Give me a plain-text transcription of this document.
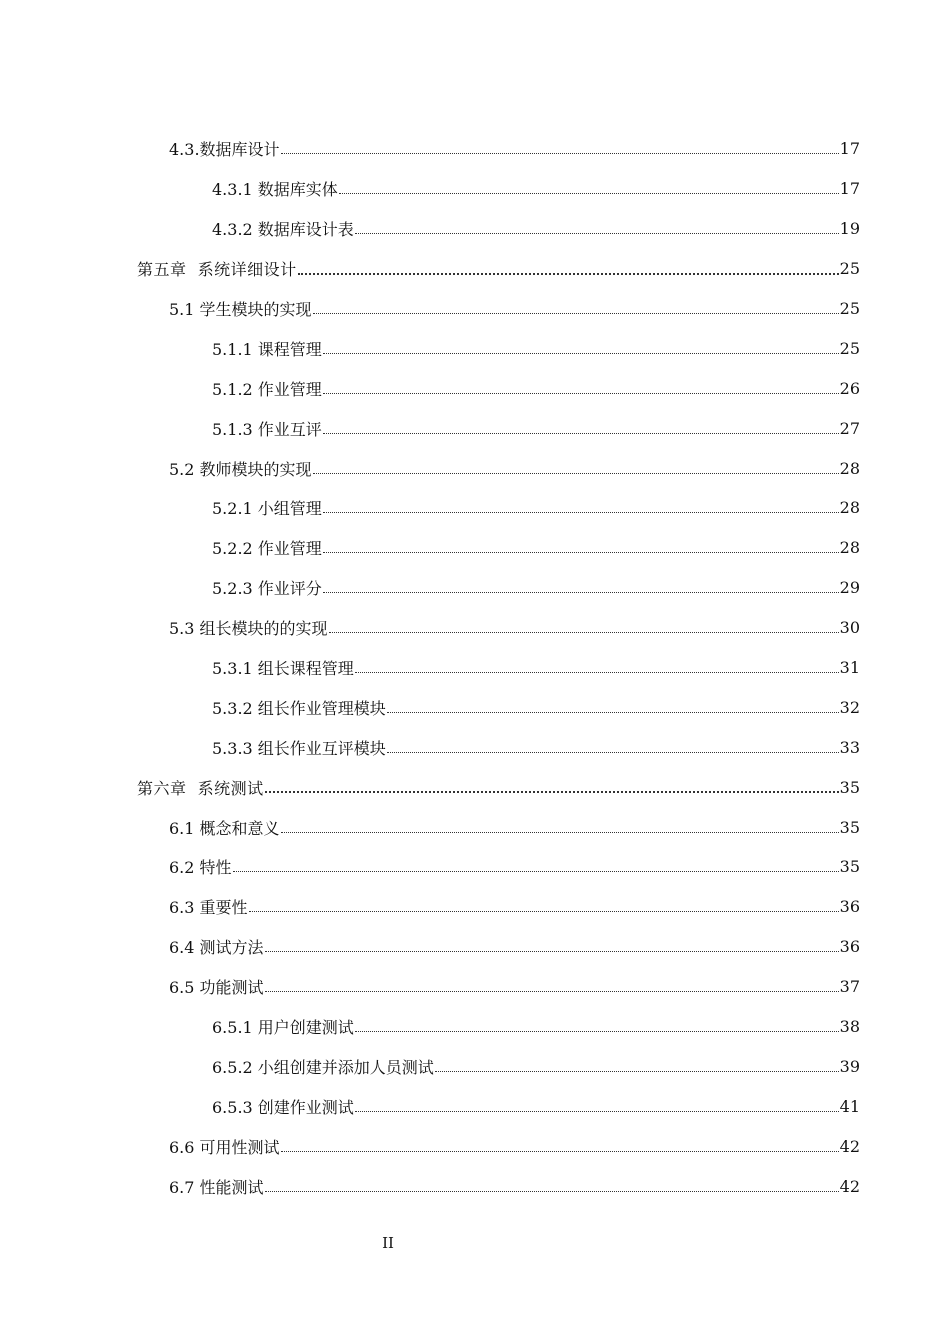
4.3.数据库设计	17
4.3.1 数据库实体	17
4.3.2 数据库设计表	19
第五章  系统详细设计	25
5.1 学生模块的实现	25
5.1.1 课程管理	25
5.1.2 作业管理	26
5.1.3 作业互评	27
5.2 教师模块的实现	28
5.2.1 小组管理	28
5.2.2 作业管理	28
5.2.3 作业评分	29
5.3 组长模块的的实现	30
5.3.1 组长课程管理	31
5.3.2 组长作业管理模块	32
5.3.3 组长作业互评模块	33
第六章  系统测试	35
6.1 概念和意义	35
6.2 特性	35
6.3 重要性	36
6.4 测试方法	36
6.5 功能测试	37
6.5.1 用户创建测试	38
6.5.2 小组创建并添加人员测试	39
6.5.3 创建作业测试	41
6.6 可用性测试	42
6.7 性能测试	42
II
